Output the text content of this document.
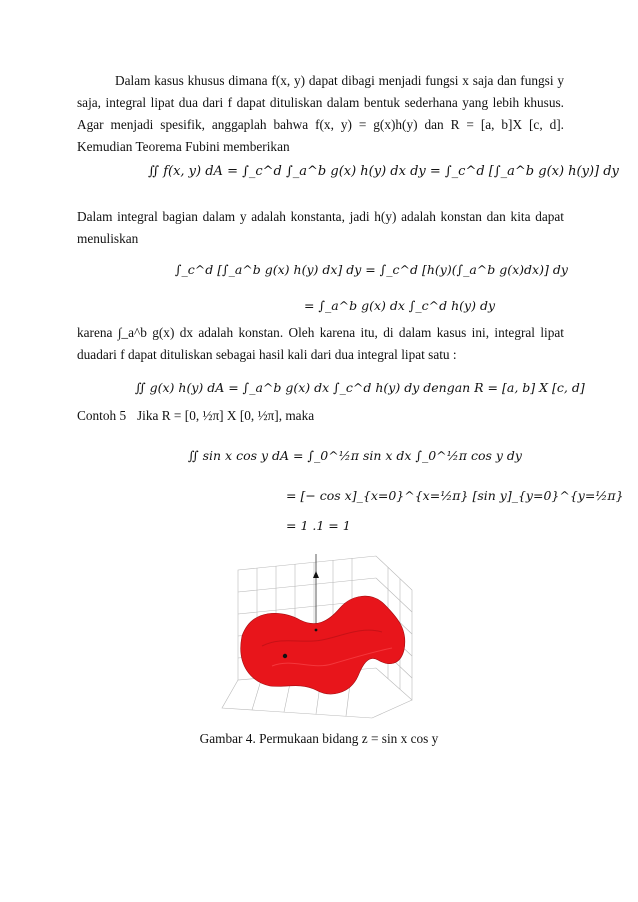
Dalam kasus khusus dimana f(x, y) dapat dibagi menjadi fungsi x saja dan fungsi y saja, integral lipat dua dari f dapat dituliskan dalam bentuk sederhana yang lebih khusus. Agar menjadi spesifik, anggaplah bahwa f(x, y) = g(x)h(y) dan R = [a, b]X [c, d]. Kemudian Teorema Fubini memberikan
∬ f(x, y) dA = ∫_c^d ∫_a^b g(x) h(y) dx dy = ∫_c^d [∫_a^b g(x) h(y)] dy
Dalam integral bagian dalam y adalah konstanta, jadi h(y) adalah konstan dan kita dapat menuliskan
∫_c^d [∫_a^b g(x) h(y) dx] dy = ∫_c^d [h(y)(∫_a^b g(x)dx)] dy
= ∫_a^b g(x) dx ∫_c^d h(y) dy
karena ∫_a^b g(x) dx adalah konstan. Oleh karena itu, di dalam kasus ini, integral lipat duadari f dapat dituliskan sebagai hasil kali dari dua integral lipat satu :
∬ g(x) h(y) dA = ∫_a^b g(x) dx ∫_c^d h(y) dy dengan R = [a, b] X [c, d]
Contoh 5 Jika R = [0, ½π] X [0, ½π], maka
∬ sin x cos y dA = ∫_0^½π sin x dx ∫_0^½π cos y dy
= [− cos x]_{x=0}^{x=½π} [sin y]_{y=0}^{y=½π}
= 1 .1 = 1
Gambar 4. Permukaan bidang z = sin x cos y
